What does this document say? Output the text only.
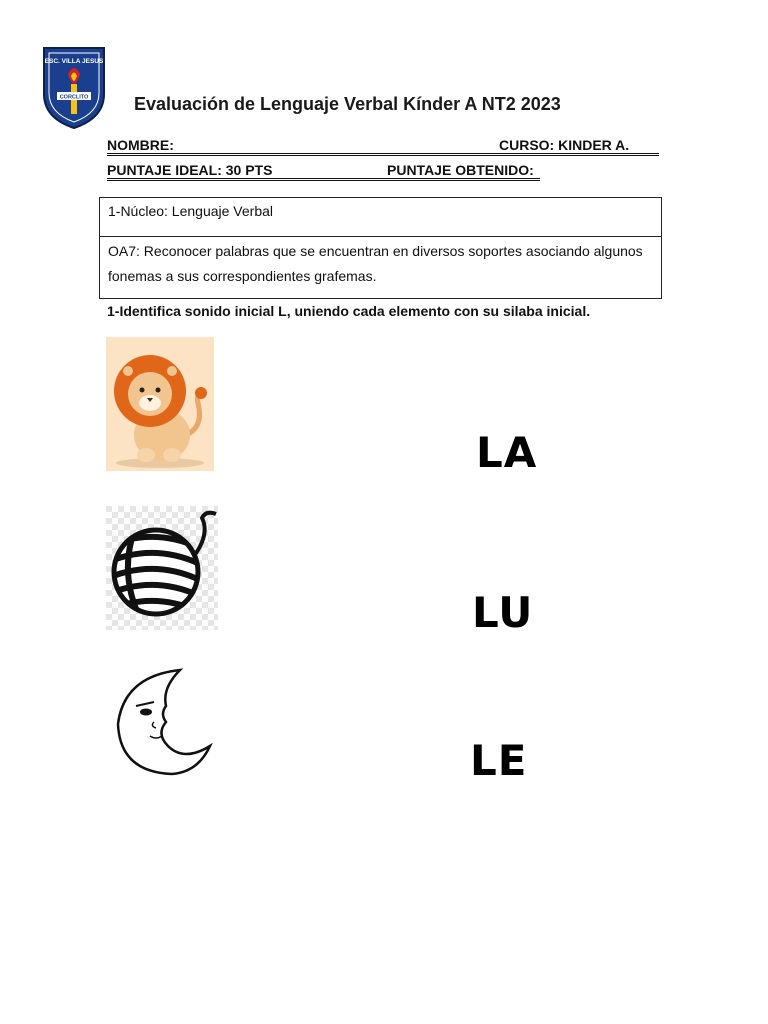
ESC. VILLA JESUS
CORCLITO	Evaluación de Lenguaje Verbal Kínder A NT2 2023
NOMBRE:	CURSO: KINDER A.
PUNTAJE IDEAL: 30 PTS	PUNTAJE OBTENIDO:
1-Núcleo: Lenguaje Verbal
OA7: Reconocer palabras que se encuentran en diversos soportes asociando algunos fonemas a sus correspondientes grafemas.
1-Identifica sonido inicial L, uniendo cada elemento con su silaba inicial.
LA
LU
LE
